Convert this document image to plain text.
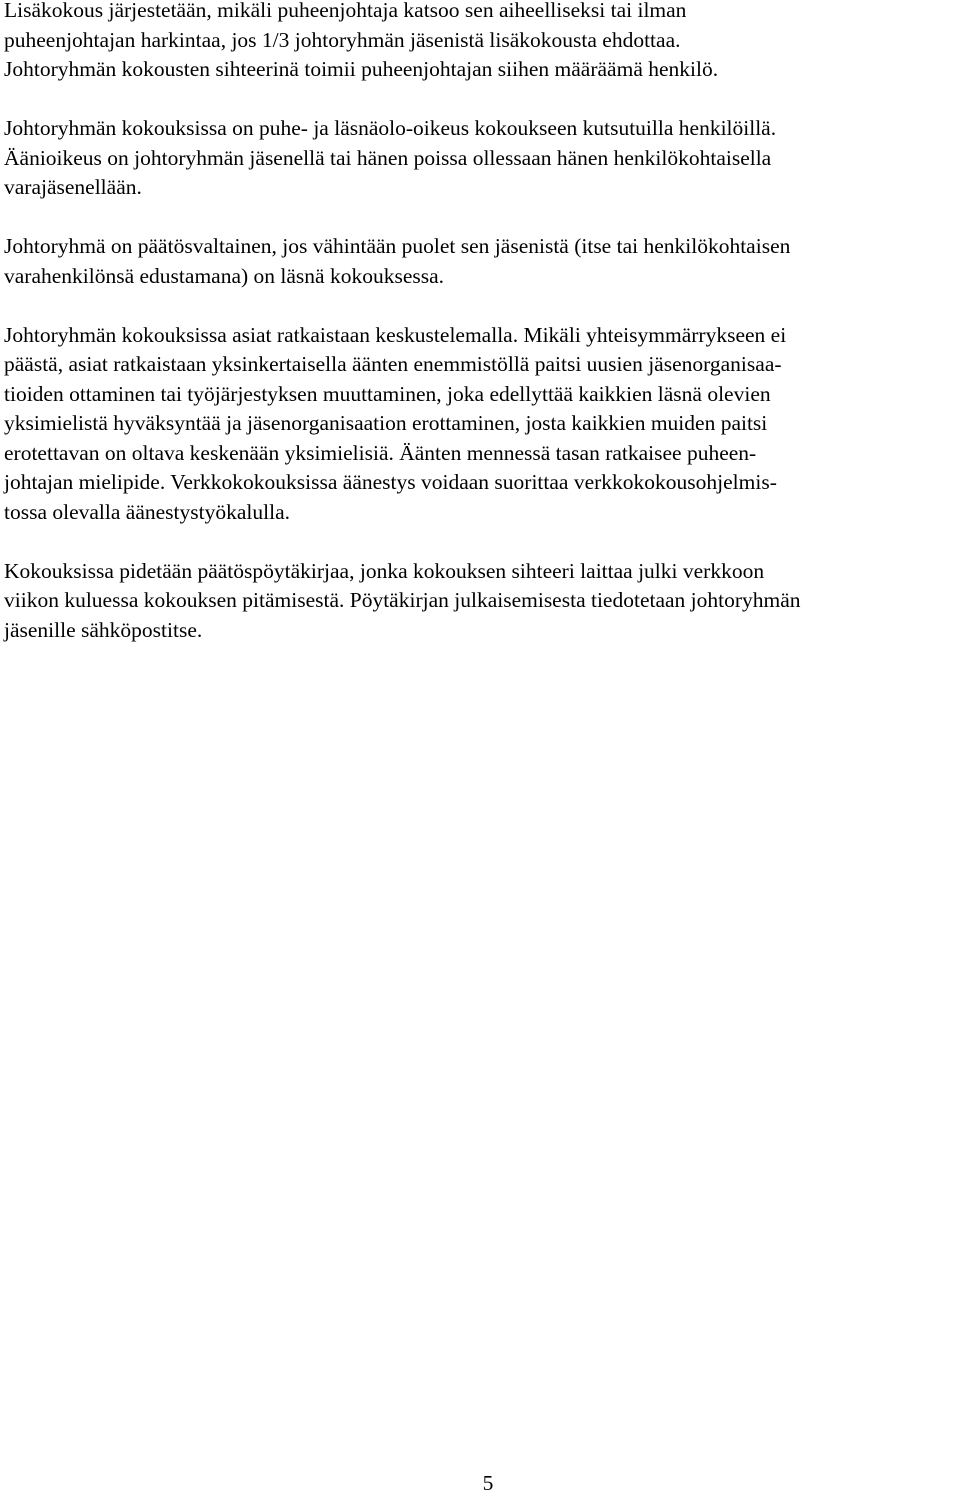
Lisäkokous järjestetään, mikäli puheenjohtaja katsoo sen aiheelliseksi tai ilman
puheenjohtajan harkintaa, jos 1/3 johtoryhmän jäsenistä lisäkokousta ehdottaa.
Johtoryhmän kokousten sihteerinä toimii puheenjohtajan siihen määräämä henkilö.

Johtoryhmän kokouksissa on puhe- ja läsnäolo-oikeus kokoukseen kutsutuilla henkilöillä.
Äänioikeus on johtoryhmän jäsenellä tai hänen poissa ollessaan hänen henkilökohtaisella
varajäsenellään.

Johtoryhmä on päätösvaltainen, jos vähintään puolet sen jäsenistä (itse tai henkilökohtaisen
varahenkilönsä edustamana) on läsnä kokouksessa.

Johtoryhmän kokouksissa asiat ratkaistaan keskustelemalla. Mikäli yhteisymmärrykseen ei
päästä, asiat ratkaistaan yksinkertaisella äänten enemmistöllä paitsi uusien jäsenorganisaa-
tioiden ottaminen tai työjärjestyksen muuttaminen, joka edellyttää kaikkien läsnä olevien
yksimielistä hyväksyntää ja jäsenorganisaation erottaminen, josta kaikkien muiden paitsi
erotettavan on oltava keskenään yksimielisiä. Äänten mennessä tasan ratkaisee puheen-
johtajan mielipide. Verkkokokouksissa äänestys voidaan suorittaa verkkokokousohjelmis-
tossa olevalla äänestystyökalulla.

Kokouksissa pidetään päätöspöytäkirjaa, jonka kokouksen sihteeri laittaa julki verkkoon
viikon kuluessa kokouksen pitämisestä. Pöytäkirjan julkaisemisesta tiedotetaan johtoryhmän
jäsenille sähköpostitse.

5
